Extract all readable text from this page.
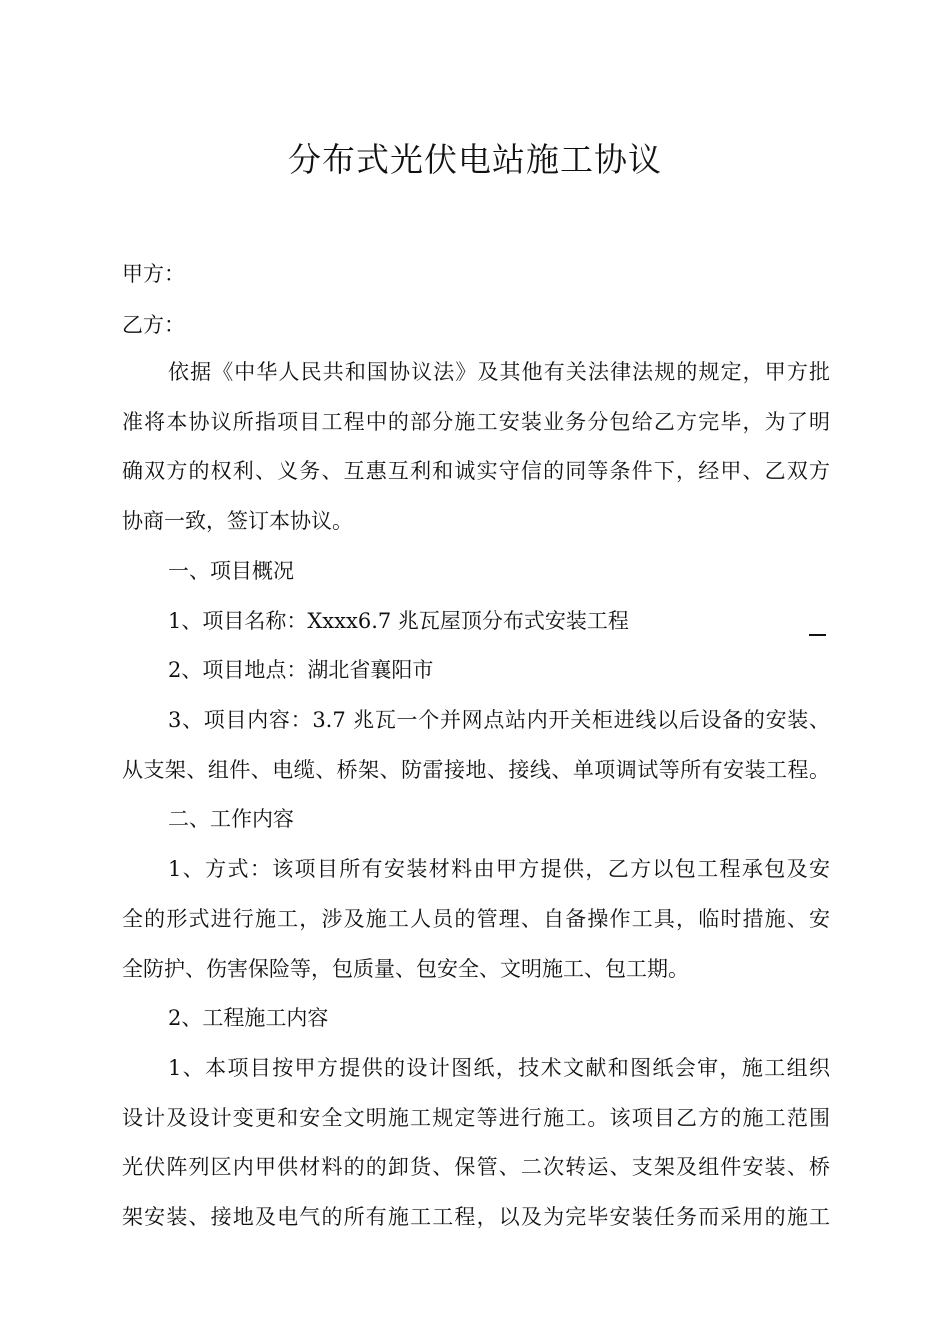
分布式光伏电站施工协议
甲方：
乙方：
依据《中华人民共和国协议法》及其他有关法律法规的规定，甲方批
准将本协议所指项目工程中的部分施工安装业务分包给乙方完毕，为了明
确双方的权利、义务、互惠互利和诚实守信的同等条件下，经甲、乙双方
协商一致，签订本协议。
一、项目概况
1、项目名称：Xxxx6.7 兆瓦屋顶分布式安装工程
2、项目地点：湖北省襄阳市
3、项目内容：3.7 兆瓦一个并网点站内开关柜进线以后设备的安装、
从支架、组件、电缆、桥架、防雷接地、接线、单项调试等所有安装工程。
二、工作内容
1、方式：该项目所有安装材料由甲方提供，乙方以包工程承包及安
全的形式进行施工，涉及施工人员的管理、自备操作工具，临时措施、安
全防护、伤害保险等，包质量、包安全、文明施工、包工期。
2、工程施工内容
1、本项目按甲方提供的设计图纸，技术文献和图纸会审，施工组织
设计及设计变更和安全文明施工规定等进行施工。该项目乙方的施工范围
光伏阵列区内甲供材料的的卸货、保管、二次转运、支架及组件安装、桥
架安装、接地及电气的所有施工工程，以及为完毕安装任务而采用的施工
